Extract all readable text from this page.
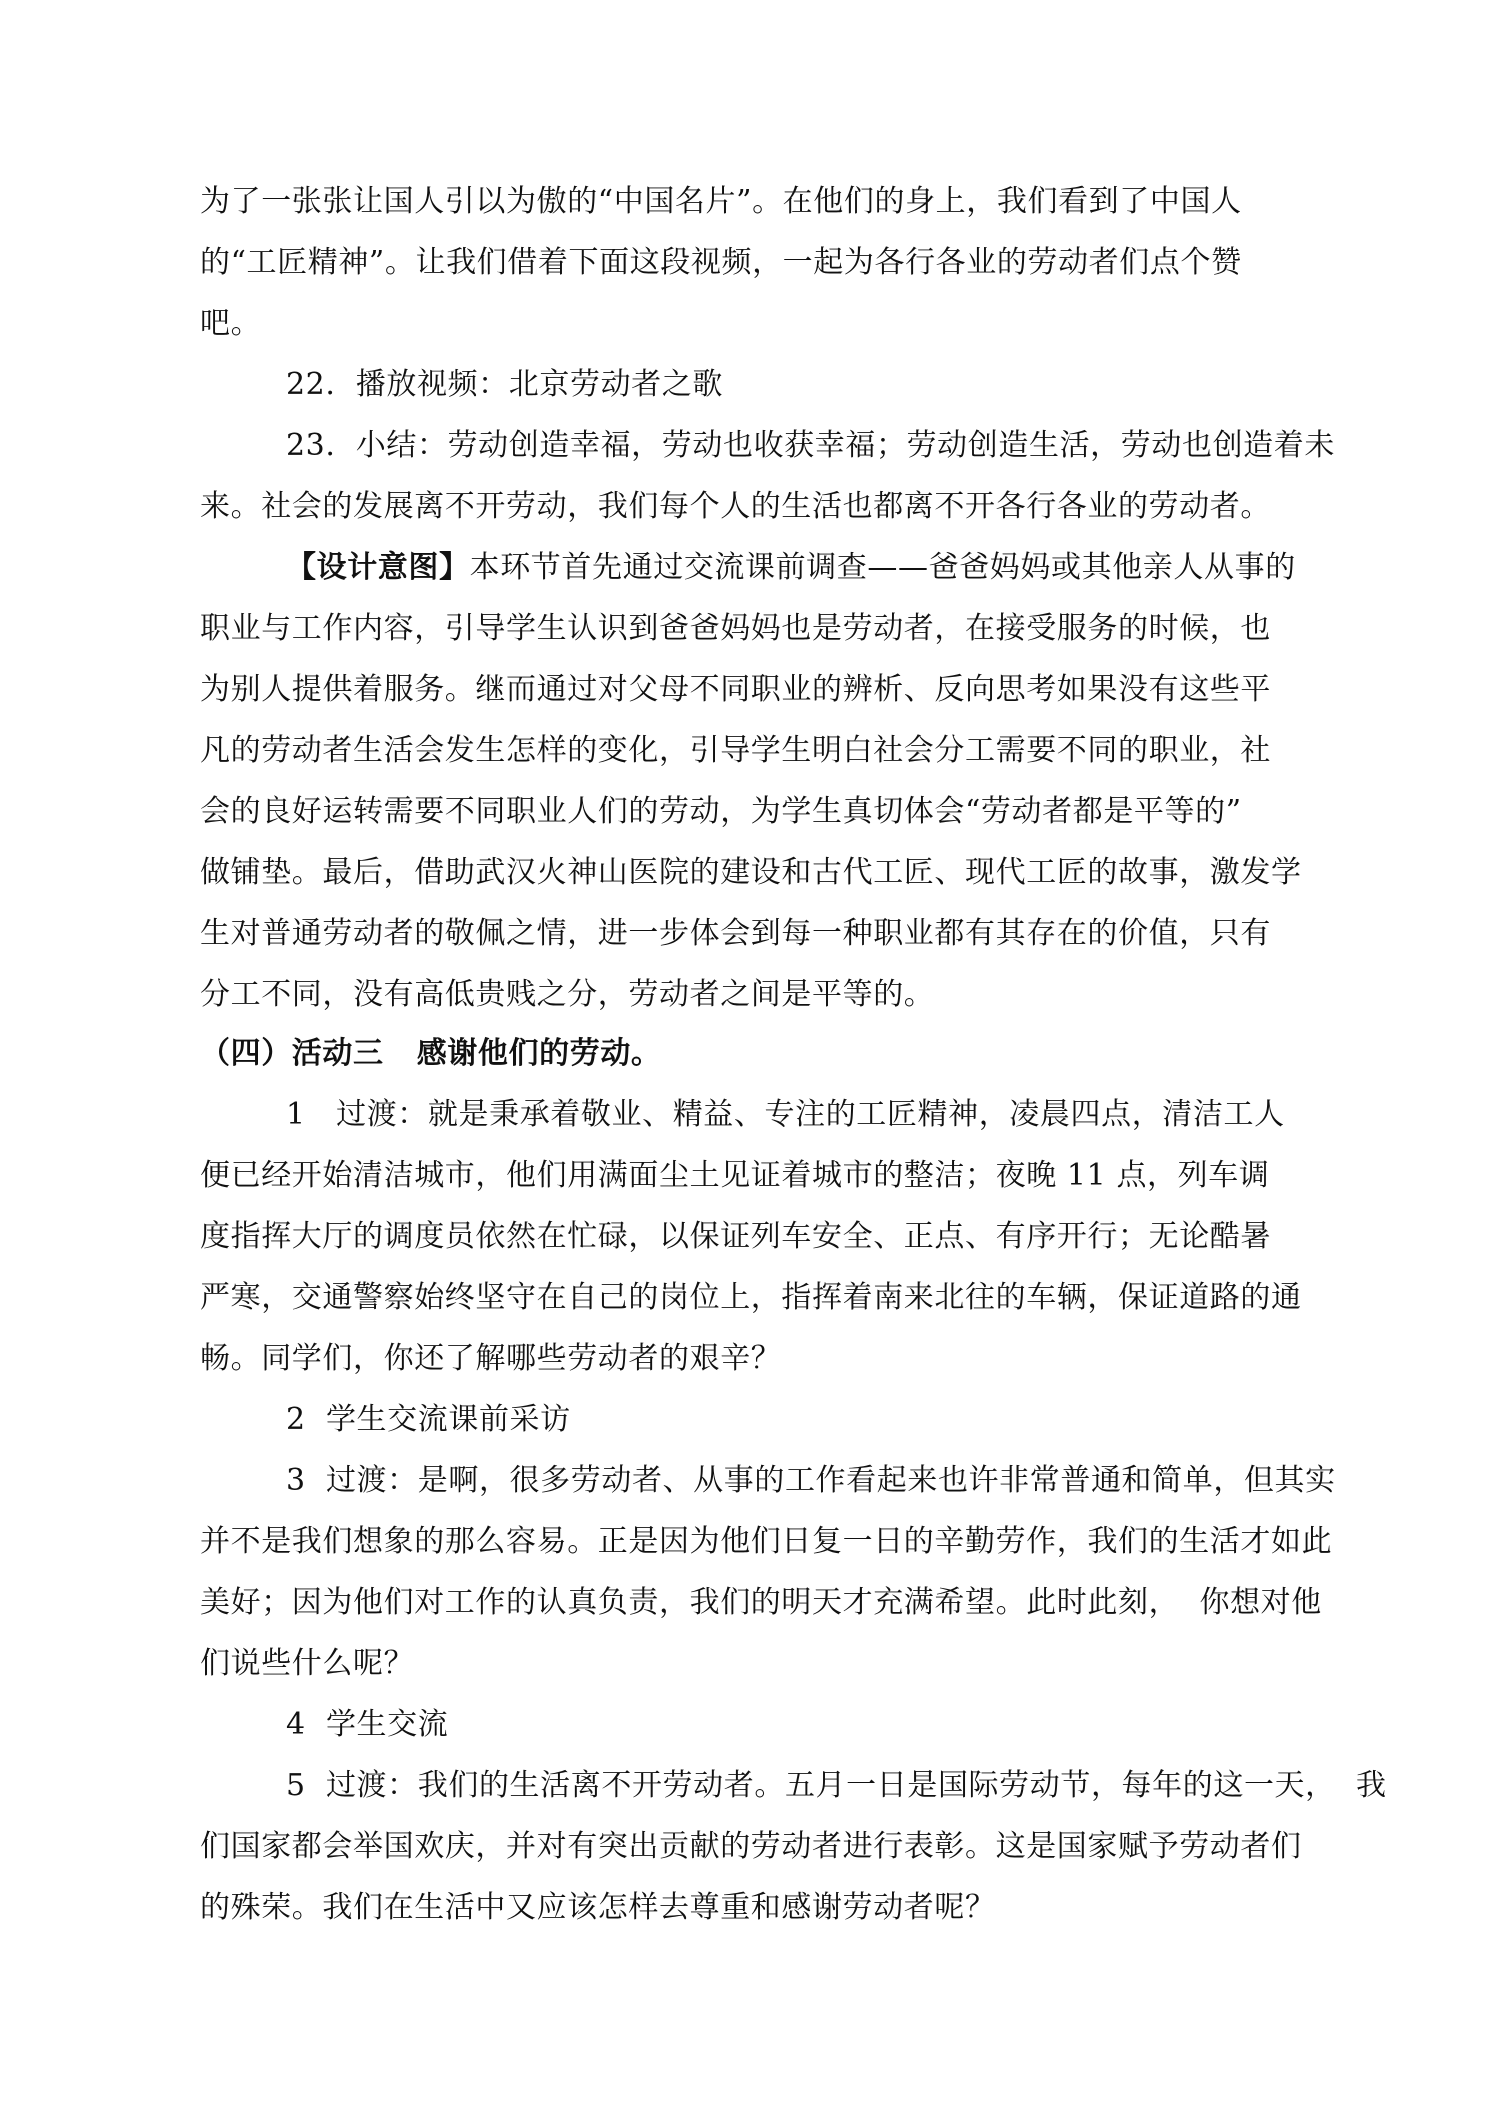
为了一张张让国人引以为傲的“中国名片”。在他们的身上，我们看到了中国人
的“工匠精神”。让我们借着下面这段视频，一起为各行各业的劳动者们点个赞
吧。
22.  播放视频：北京劳动者之歌
23.  小结：劳动创造幸福，劳动也收获幸福；劳动创造生活，劳动也创造着未
来。社会的发展离不开劳动，我们每个人的生活也都离不开各行各业的劳动者。
【设计意图】本环节首先通过交流课前调查——爸爸妈妈或其他亲人从事的
职业与工作内容，引导学生认识到爸爸妈妈也是劳动者，在接受服务的时候，也
为别人提供着服务。继而通过对父母不同职业的辨析、反向思考如果没有这些平
凡的劳动者生活会发生怎样的变化，引导学生明白社会分工需要不同的职业，社
会的良好运转需要不同职业人们的劳动，为学生真切体会“劳动者都是平等的”
做铺垫。最后，借助武汉火神山医院的建设和古代工匠、现代工匠的故事，激发学
生对普通劳动者的敬佩之情，进一步体会到每一种职业都有其存在的价值，只有
分工不同，没有高低贵贱之分，劳动者之间是平等的。
（四）活动三   感谢他们的劳动。
1   过渡：就是秉承着敬业、精益、专注的工匠精神，凌晨四点，清洁工人
便已经开始清洁城市，他们用满面尘土见证着城市的整洁；夜晚 11 点，列车调
度指挥大厅的调度员依然在忙碌，以保证列车安全、正点、有序开行；无论酷暑
严寒，交通警察始终坚守在自己的岗位上，指挥着南来北往的车辆，保证道路的通
畅。同学们，你还了解哪些劳动者的艰辛？
2  学生交流课前采访
3  过渡：是啊，很多劳动者、从事的工作看起来也许非常普通和简单，但其实
并不是我们想象的那么容易。正是因为他们日复一日的辛勤劳作，我们的生活才如此
美好；因为他们对工作的认真负责，我们的明天才充满希望。此时此刻，  你想对他
们说些什么呢？
4  学生交流
5  过渡：我们的生活离不开劳动者。五月一日是国际劳动节，每年的这一天，  我
们国家都会举国欢庆，并对有突出贡献的劳动者进行表彰。这是国家赋予劳动者们
的殊荣。我们在生活中又应该怎样去尊重和感谢劳动者呢？
